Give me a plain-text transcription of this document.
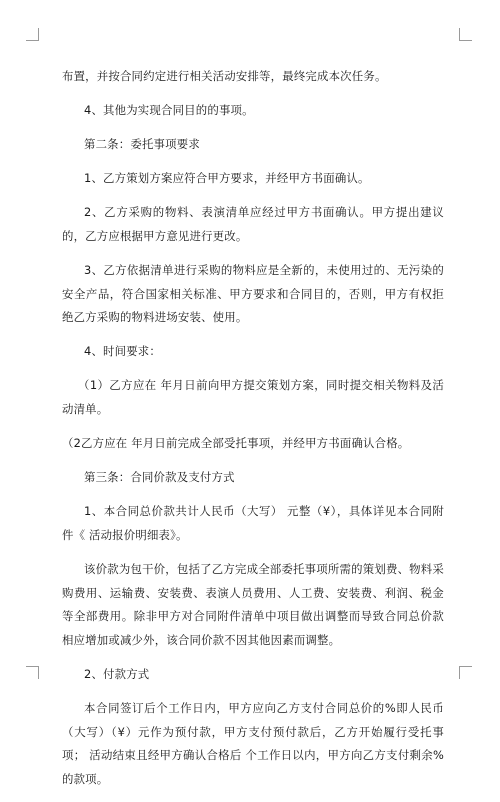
布置，并按合同约定进行相关活动安排等，最终完成本次任务。

4、其他为实现合同目的的事项。

第二条：委托事项要求

1、乙方策划方案应符合甲方要求，并经甲方书面确认。

2、乙方采购的物料、表演清单应经过甲方书面确认。甲方提出建议的，乙方应根据甲方意见进行更改。

3、乙方依据清单进行采购的物料应是全新的，未使用过的、无污染的安全产品，符合国家相关标准、甲方要求和合同目的，否则，甲方有权拒绝乙方采购的物料进场安装、使用。

4、时间要求：

（1）乙方应在 年月日前向甲方提交策划方案，同时提交相关物料及活动清单。

（2乙方应在 年月日前完成全部受托事项，并经甲方书面确认合格。

第三条：合同价款及支付方式

1、本合同总价款共计人民币（大写） 元整（¥），具体详见本合同附件《 活动报价明细表》。

该价款为包干价，包括了乙方完成全部委托事项所需的策划费、物料采购费用、运输费、安装费、表演人员费用、人工费、安装费、利润、税金等全部费用。除非甲方对合同附件清单中项目做出调整而导致合同总价款相应增加或减少外，该合同价款不因其他因素而调整。

2、付款方式

本合同签订后个工作日内，甲方应向乙方支付合同总价的%即人民币（大写）（¥）元作为预付款，甲方支付预付款后，乙方开始履行受托事项； 活动结束且经甲方确认合格后 个工作日以内，甲方向乙方支付剩余%的款项。
